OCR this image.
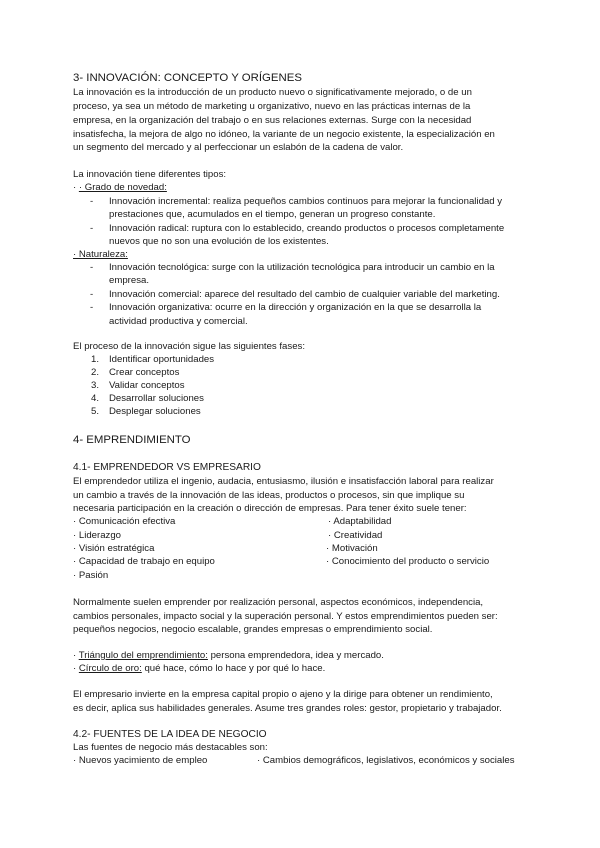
3- INNOVACIÓN: CONCEPTO Y ORÍGENES
La innovación es la introducción de un producto nuevo o significativamente mejorado, o de un
proceso, ya sea un método de marketing u organizativo, nuevo en las prácticas internas de la
empresa, en la organización del trabajo o en sus relaciones externas. Surge con la necesidad
insatisfecha, la mejora de algo no idóneo, la variante de un negocio existente, la especialización en
un segmento del mercado y al perfeccionar un eslabón de la cadena de valor.
La innovación tiene diferentes tipos:
· · Grado de novedad:
- Innovación incremental: realiza pequeños cambios continuos para mejorar la funcionalidad y
prestaciones que, acumulados en el tiempo, generan un progreso constante.
- Innovación radical: ruptura con lo establecido, creando productos o procesos completamente
nuevos que no son una evolución de los existentes.
· Naturaleza:
- Innovación tecnológica: surge con la utilización tecnológica para introducir un cambio en la
empresa.
- Innovación comercial: aparece del resultado del cambio de cualquier variable del marketing.
- Innovación organizativa: ocurre en la dirección y organización en la que se desarrolla la
actividad productiva y comercial.
El proceso de la innovación sigue las siguientes fases:
1. Identificar oportunidades
2. Crear conceptos
3. Validar conceptos
4. Desarrollar soluciones
5. Desplegar soluciones
4- EMPRENDIMIENTO
4.1- EMPRENDEDOR VS EMPRESARIO
El emprendedor utiliza el ingenio, audacia, entusiasmo, ilusión e insatisfacción laboral para realizar
un cambio a través de la innovación de las ideas, productos o procesos, sin que implique su
necesaria participación en la creación o dirección de empresas. Para tener éxito suele tener:
· Comunicación efectiva
· Liderazgo
· Visión estratégica
· Capacidad de trabajo en equipo
· Pasión
· Adaptabilidad
· Creatividad
· Motivación
· Conocimiento del producto o servicio
Normalmente suelen emprender por realización personal, aspectos económicos, independencia,
cambios personales, impacto social y la superación personal. Y estos emprendimientos pueden ser:
pequeños negocios, negocio escalable, grandes empresas o emprendimiento social.
· Triángulo del emprendimiento: persona emprendedora, idea y mercado.
· Círculo de oro: qué hace, cómo lo hace y por qué lo hace.
El empresario invierte en la empresa capital propio o ajeno y la dirige para obtener un rendimiento,
es decir, aplica sus habilidades generales. Asume tres grandes roles: gestor, propietario y trabajador.
4.2- FUENTES DE LA IDEA DE NEGOCIO
Las fuentes de negocio más destacables son:
· Nuevos yacimiento de empleo	· Cambios demográficos, legislativos, económicos y sociales
